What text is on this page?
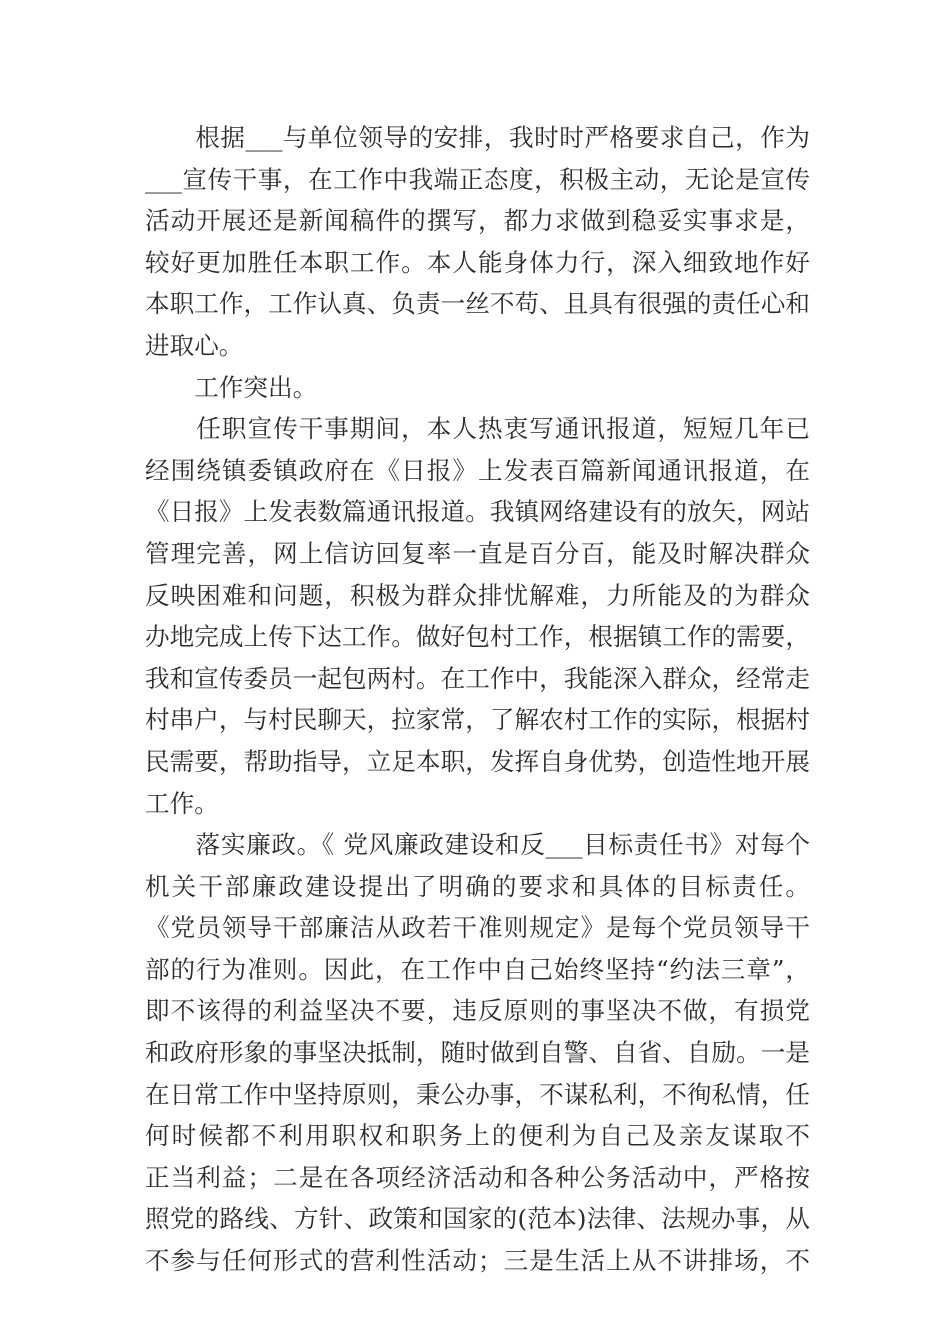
　　根据___与单位领导的安排，我时时严格要求自己，作为
___宣传干事，在工作中我端正态度，积极主动，无论是宣传
活动开展还是新闻稿件的撰写，都力求做到稳妥实事求是，
较好更加胜任本职工作。本人能身体力行，深入细致地作好
本职工作，工作认真、负责一丝不苟、且具有很强的责任心和
进取心。
　　工作突出。
　　任职宣传干事期间，本人热衷写通讯报道，短短几年已
经围绕镇委镇政府在《日报》上发表百篇新闻通讯报道，在
《日报》上发表数篇通讯报道。我镇网络建设有的放矢，网站
管理完善，网上信访回复率一直是百分百，能及时解决群众
反映困难和问题，积极为群众排忧解难，力所能及的为群众
办地完成上传下达工作。做好包村工作，根据镇工作的需要，
我和宣传委员一起包两村。在工作中，我能深入群众，经常走
村串户，与村民聊天，拉家常，了解农村工作的实际，根据村
民需要，帮助指导，立足本职，发挥自身优势，创造性地开展
工作。
　　落实廉政。《 党风廉政建设和反___目标责任书》对每个
机关干部廉政建设提出了明确的要求和具体的目标责任。
《党员领导干部廉洁从政若干准则规定》是每个党员领导干
部的行为准则。因此，在工作中自己始终坚持“约法三章”，
即不该得的利益坚决不要，违反原则的事坚决不做，有损党
和政府形象的事坚决抵制，随时做到自警、自省、自励。一是
在日常工作中坚持原则，秉公办事，不谋私利，不徇私情，任
何时候都不利用职权和职务上的便利为自己及亲友谋取不
正当利益；二是在各项经济活动和各种公务活动中，严格按
照党的路线、方针、政策和国家的(范本)法律、法规办事，从
不参与任何形式的营利性活动；三是生活上从不讲排场，不
